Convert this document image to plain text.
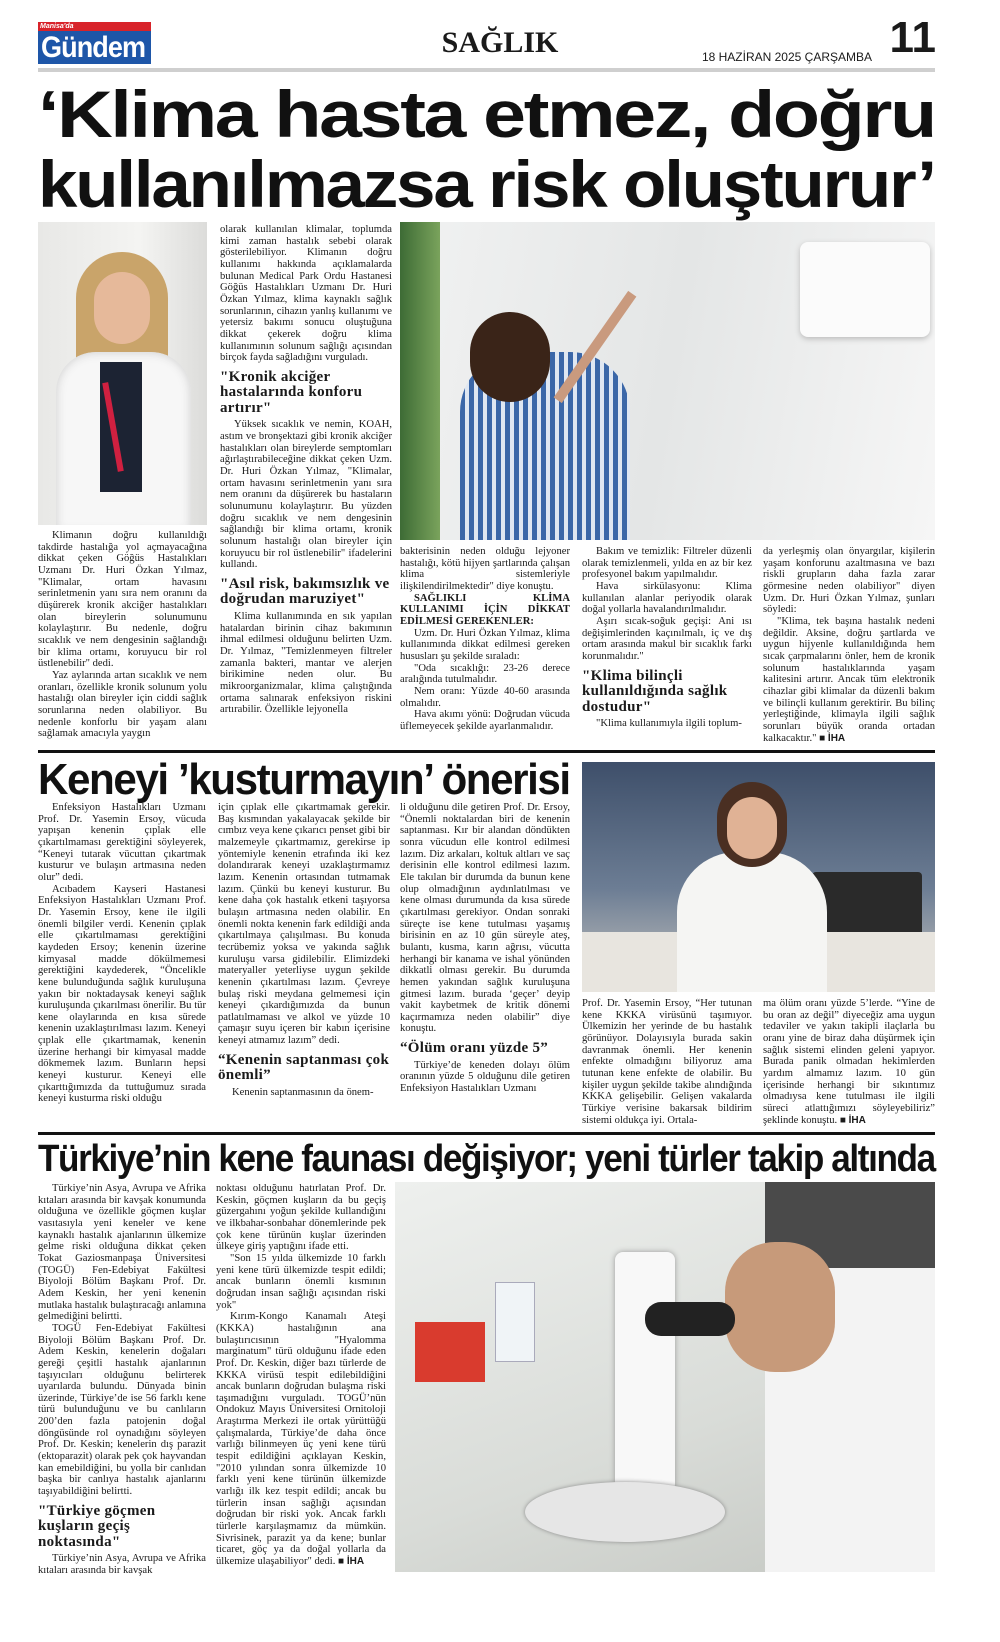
Manisa'da
Gündem	SAĞLIK	18 HAZİRAN 2025 ÇARŞAMBA 11
‘Klima hasta etmez, doğru
kullanılmazsa risk oluşturur’

Klimanın doğru kullanıldığı takdirde hastalığa yol açmayacağına dikkat çeken Göğüs Hastalıkları Uzmanı Dr. Huri Özkan Yılmaz, "Klimalar, ortam havasını serinletmenin yanı sıra nem oranını da düşürerek kronik akciğer hastalıkları olan bireylerin solunumunu kolaylaştırır. Bu nedenle, doğru sıcaklık ve nem dengesinin sağlandığı bir klima ortamı, koruyucu bir rol üstlenebilir" dedi.

Yaz aylarında artan sıcaklık ve nem oranları, özellikle kronik solunum yolu hastalığı olan bireyler için ciddi sağlık sorunlarına neden olabiliyor. Bu nedenle konforlu bir yaşam alanı sağlamak amacıyla yaygın

olarak kullanılan klimalar, toplumda kimi zaman hastalık sebebi olarak gösterilebiliyor. Klimanın doğru kullanımı hakkında açıklamalarda bulunan Medical Park Ordu Hastanesi Göğüs Hastalıkları Uzmanı Dr. Huri Özkan Yılmaz, klima kaynaklı sağlık sorunlarının, cihazın yanlış kullanımı ve yetersiz bakımı sonucu oluştuğuna dikkat çekerek doğru klima kullanımının solunum sağlığı açısından birçok fayda sağladığını vurguladı.

"Kronik akciğer hastalarında konforu artırır"

Yüksek sıcaklık ve nemin, KOAH, astım ve bronşektazi gibi kronik akciğer hastalıkları olan bireylerde semptomları ağırlaştırabileceğine dikkat çeken Uzm. Dr. Huri Özkan Yılmaz, "Klimalar, ortam havasını serinletmenin yanı sıra nem oranını da düşürerek bu hastaların solunumunu kolaylaştırır. Bu yüzden doğru sıcaklık ve nem dengesinin sağlandığı bir klima ortamı, kronik solunum hastalığı olan bireyler için koruyucu bir rol üstlenebilir" ifadelerini kullandı.

"Asıl risk, bakımsızlık ve doğrudan maruziyet"

Klima kullanımında en sık yapılan hatalardan birinin cihaz bakımının ihmal edilmesi olduğunu belirten Uzm. Dr. Yılmaz, "Temizlenmeyen filtreler zamanla bakteri, mantar ve alerjen birikimine neden olur. Bu mikroorganizmalar, klima çalıştığında ortama salınarak enfeksiyon riskini artırabilir. Özellikle lejyonella

bakterisinin neden olduğu lejyoner hastalığı, kötü hijyen şartlarında çalışan klima sistemleriyle ilişkilendirilmektedir" diye konuştu.

SAĞLIKLI KLİMA KULLANIMI İÇİN DİKKAT EDİLMESİ GEREKENLER:

Uzm. Dr. Huri Özkan Yılmaz, klima kullanımında dikkat edilmesi gereken hususları şu şekilde sıraladı:

"Oda sıcaklığı: 23-26 derece aralığında tutulmalıdır.

Nem oranı: Yüzde 40-60 arasında olmalıdır.

Hava akımı yönü: Doğrudan vücuda üflemeyecek şekilde ayarlanmalıdır.

Bakım ve temizlik: Filtreler düzenli olarak temizlenmeli, yılda en az bir kez profesyonel bakım yapılmalıdır.

Hava sirkülasyonu: Klima kullanılan alanlar periyodik olarak doğal yollarla havalandırılmalıdır.

Aşırı sıcak-soğuk geçişi: Ani ısı değişimlerinden kaçınılmalı, iç ve dış ortam arasında makul bir sıcaklık farkı korunmalıdır."

"Klima bilinçli kullanıldığında sağlık dostudur"

"Klima kullanımıyla ilgili toplum-

da yerleşmiş olan önyargılar, kişilerin yaşam konforunu azaltmasına ve bazı riskli grupların daha fazla zarar görmesine neden olabiliyor" diyen Uzm. Dr. Huri Özkan Yılmaz, şunları söyledi:

"Klima, tek başına hastalık nedeni değildir. Aksine, doğru şartlarda ve uygun hijyenle kullanıldığında hem sıcak çarpmalarını önler, hem de kronik solunum hastalıklarında yaşam kalitesini artırır. Ancak tüm elektronik cihazlar gibi klimalar da düzenli bakım ve bilinçli kullanım gerektirir. Bu bilinç yerleştiğinde, klimayla ilgili sağlık sorunları büyük oranda ortadan kalkacaktır." ■ İHA

Keneyi ’kusturmayın’ önerisi

Enfeksiyon Hastalıkları Uzmanı Prof. Dr. Yasemin Ersoy, vücuda yapışan kenenin çıplak elle çıkartılmaması gerektiğini söyleyerek, “Keneyi tutarak vücuttan çıkartmak kusturur ve bulaşın artmasına neden olur” dedi.

Acıbadem Kayseri Hastanesi Enfeksiyon Hastalıkları Uzmanı Prof. Dr. Yasemin Ersoy, kene ile ilgili önemli bilgiler verdi. Kenenin çıplak elle çıkartılmaması gerektiğini kaydeden Ersoy; kenenin üzerine kimyasal madde dökülmemesi gerektiğini kaydederek, “Öncelikle kene bulunduğunda sağlık kuruluşuna yakın bir noktadaysak keneyi sağlık kuruluşunda çıkarılması önerilir. Bu tür kene olaylarında en kısa sürede kenenin uzaklaştırılması lazım. Keneyi çıplak elle çıkartmamak, kenenin üzerine herhangi bir kimyasal madde dökmemek lazım. Bunların hepsi keneyi kusturur. Keneyi elle çıkarttığımızda da tuttuğumuz sırada keneyi kusturma riski olduğu

için çıplak elle çıkartmamak gerekir. Baş kısmından yakalayacak şekilde bir cımbız veya kene çıkarıcı penset gibi bir malzemeyle çıkartmamız, gerekirse ip yöntemiyle kenenin etrafında iki kez dolandırarak keneyi uzaklaştırmamız lazım. Kenenin ortasından tutmamak lazım. Çünkü bu keneyi kusturur. Bu kene daha çok hastalık etkeni taşıyorsa bulaşın artmasına neden olabilir. En önemli nokta kenenin fark edildiği anda çıkartılmaya çalışılması. Bu konuda tecrübemiz yoksa ve yakında sağlık kuruluşu varsa gidilebilir. Elimizdeki materyaller yeterliyse uygun şekilde kenenin çıkartılması lazım. Çevreye bulaş riski meydana gelmemesi için keneyi çıkardığımızda da bunun patlatılmaması ve alkol ve yüzde 10 çamaşır suyu içeren bir kabın içerisine keneyi atmamız lazım” dedi.

“Kenenin saptanması çok önemli”

Kenenin saptanmasının da önem-

li olduğunu dile getiren Prof. Dr. Ersoy, “Önemli noktalardan biri de kenenin saptanması. Kır bir alandan döndükten sonra vücudun elle kontrol edilmesi lazım. Diz arkaları, koltuk altları ve saç derisinin elle kontrol edilmesi lazım. Ele takılan bir durumda da bunun kene olup olmadığının aydınlatılması ve kene olması durumunda da kısa sürede çıkartılması gerekiyor. Ondan sonraki süreçte ise kene tutulması yaşamış birisinin en az 10 gün süreyle ateş, bulantı, kusma, karın ağrısı, vücutta herhangi bir kanama ve ishal yönünden dikkatli olması gerekir. Bu durumda hemen yakından sağlık kuruluşuna gitmesi lazım. burada ‘geçer’ deyip vakit kaybetmek de kritik dönemi kaçırmamıza neden olabilir” diye konuştu.

“Ölüm oranı yüzde 5”

Türkiye’de keneden dolayı ölüm oranının yüzde 5 olduğunu dile getiren Enfeksiyon Hastalıkları Uzmanı

Prof. Dr. Yasemin Ersoy, “Her tutunan kene KKKA virüsünü taşımıyor. Ülkemizin her yerinde de bu hastalık görünüyor. Dolayısıyla burada sakin davranmak önemli. Her kenenin enfekte olmadığını biliyoruz ama tutunan kene enfekte de olabilir. Bu kişiler uygun şekilde takibe alındığında KKKA gelişebilir. Gelişen vakalarda Türkiye verisine bakarsak bildirim sistemi oldukça iyi. Ortala-

ma ölüm oranı yüzde 5’lerde. “Yine de bu oran az değil” diyeceğiz ama uygun tedaviler ve yakın takipli ilaçlarla bu oranı yine de biraz daha düşürmek için sağlık sistemi elinden geleni yapıyor. Burada panik olmadan hekimlerden yardım almamız lazım. 10 gün içerisinde herhangi bir sıkıntımız olmadıysa kene tutulması ile ilgili süreci atlattığımızı söyleyebiliriz” şeklinde konuştu. ■ İHA

Türkiye’nin kene faunası değişiyor; yeni türler takip altında

Türkiye’nin Asya, Avrupa ve Afrika kıtaları arasında bir kavşak konumunda olduğuna ve özellikle göçmen kuşlar vasıtasıyla yeni keneler ve kene kaynaklı hastalık ajanlarının ülkemize gelme riski olduğuna dikkat çeken Tokat Gaziosmanpaşa Üniversitesi (TOGÜ) Fen-Edebiyat Fakültesi Biyoloji Bölüm Başkanı Prof. Dr. Adem Keskin, her yeni kenenin mutlaka hastalık bulaştıracağı anlamına gelmediğini belirtti.

TOGÜ Fen-Edebiyat Fakültesi Biyoloji Bölüm Başkanı Prof. Dr. Adem Keskin, kenelerin doğaları gereği çeşitli hastalık ajanlarının taşıyıcıları olduğunu belirterek uyarılarda bulundu. Dünyada binin üzerinde, Türkiye’de ise 56 farklı kene türü bulunduğunu ve bu canlıların 200’den fazla patojenin doğal döngüsünde rol oynadığını söyleyen Prof. Dr. Keskin; kenelerin dış parazit (ektoparazit) olarak pek çok hayvandan kan emebildiğini, bu yolla bir canlıdan başka bir canlıya hastalık ajanlarını taşıyabildiğini belirtti.

"Türkiye göçmen kuşların geçiş noktasında"

Türkiye’nin Asya, Avrupa ve Afrika kıtaları arasında bir kavşak

noktası olduğunu hatırlatan Prof. Dr. Keskin, göçmen kuşların da bu geçiş güzergahını yoğun şekilde kullandığını ve ilkbahar-sonbahar dönemlerinde pek çok kene türünün kuşlar üzerinden ülkeye giriş yaptığını ifade etti.

"Son 15 yılda ülkemizde 10 farklı yeni kene türü ülkemizde tespit edildi; ancak bunların önemli kısmının doğrudan insan sağlığı açısından riski yok"

Kırım-Kongo Kanamalı Ateşi (KKKA) hastalığının ana bulaştırıcısının "Hyalomma marginatum" türü olduğunu ifade eden Prof. Dr. Keskin, diğer bazı türlerde de KKKA virüsü tespit edilebildiğini ancak bunların doğrudan bulaşma riski taşımadığını vurguladı. TOGÜ’nün Ondokuz Mayıs Üniversitesi Ornitoloji Araştırma Merkezi ile ortak yürüttüğü çalışmalarda, Türkiye’de daha önce varlığı bilinmeyen üç yeni kene türü tespit edildiğini açıklayan Keskin, "2010 yılından sonra ülkemizde 10 farklı yeni kene türünün ülkemizde varlığı ilk kez tespit edildi; ancak bu türlerin insan sağlığı açısından doğrudan bir riski yok. Ancak farklı türlerle karşılaşmamız da mümkün. Sivrisinek, parazit ya da kene; bunlar ticaret, göç ya da doğal yollarla da ülkemize ulaşabiliyor" dedi. ■ İHA
